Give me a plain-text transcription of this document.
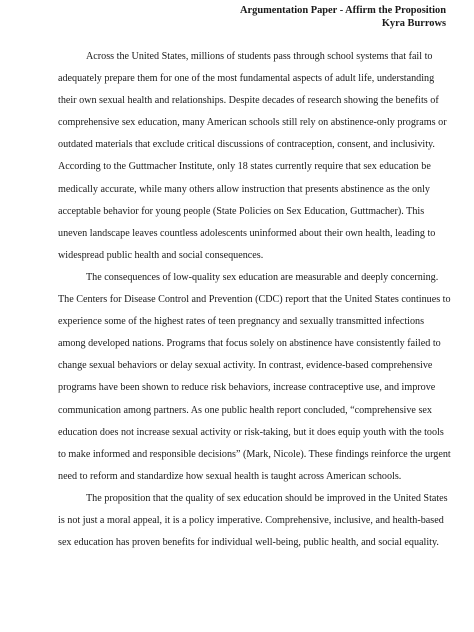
Argumentation Paper - Affirm the Proposition
Kyra Burrows
Across the United States, millions of students pass through school systems that fail to
adequately prepare them for one of the most fundamental aspects of adult life, understanding
their own sexual health and relationships. Despite decades of research showing the benefits of
comprehensive sex education, many American schools still rely on abstinence-only programs or
outdated materials that exclude critical discussions of contraception, consent, and inclusivity.
According to the Guttmacher Institute, only 18 states currently require that sex education be
medically accurate, while many others allow instruction that presents abstinence as the only
acceptable behavior for young people (State Policies on Sex Education, Guttmacher). This
uneven landscape leaves countless adolescents uninformed about their own health, leading to
widespread public health and social consequences.
The consequences of low-quality sex education are measurable and deeply concerning.
The Centers for Disease Control and Prevention (CDC) report that the United States continues to
experience some of the highest rates of teen pregnancy and sexually transmitted infections
among developed nations. Programs that focus solely on abstinence have consistently failed to
change sexual behaviors or delay sexual activity. In contrast, evidence-based comprehensive
programs have been shown to reduce risk behaviors, increase contraceptive use, and improve
communication among partners. As one public health report concluded, “comprehensive sex
education does not increase sexual activity or risk-taking, but it does equip youth with the tools
to make informed and responsible decisions” (Mark, Nicole). These findings reinforce the urgent
need to reform and standardize how sexual health is taught across American schools.
The proposition that the quality of sex education should be improved in the United States
is not just a moral appeal, it is a policy imperative. Comprehensive, inclusive, and health-based
sex education has proven benefits for individual well-being, public health, and social equality.
